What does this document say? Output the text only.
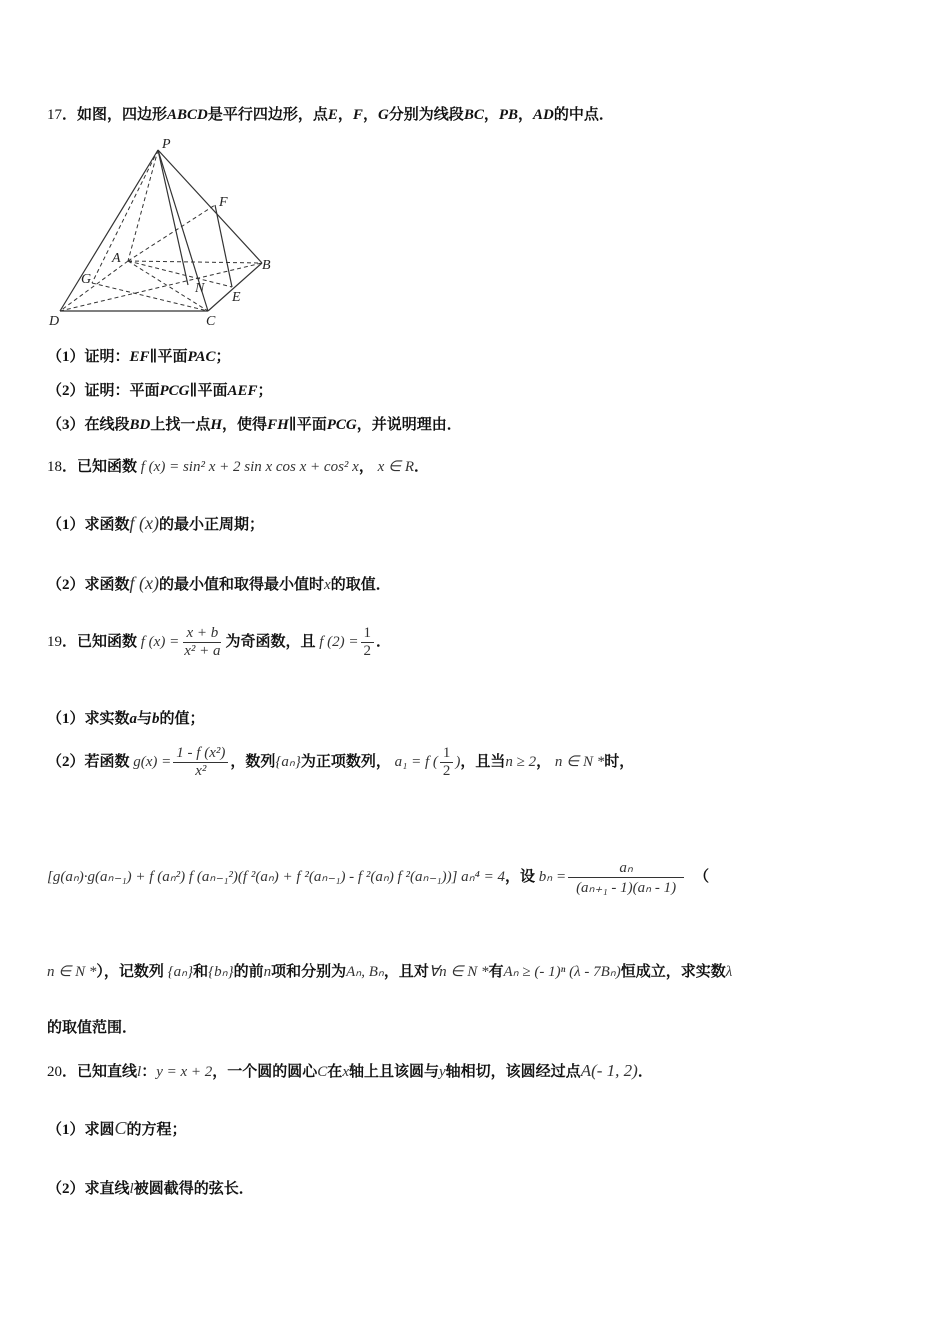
17．如图，四边形ABCD是平行四边形，点E，F，G分别为线段BC，PB，AD的中点．
P
F
A	B
G
N
E
D	C
（1）证明：EF∥平面PAC；
（2）证明：平面PCG∥平面AEF；
（3）在线段BD上找一点H，使得FH∥平面PCG，并说明理由．
18．已知函数 f (x) = sin² x + 2 sin x cos x + cos² x， x ∈ R．
（1）求函数f (x)的最小正周期；
（2）求函数f (x)的最小值和取得最小值时x的取值．
19．已知函数 f $(x) = \frac{x + b}{\text{x² + a}}$ 为奇函数，且 f $(2) = \frac{1}{2}$ ．
（1）求实数a与b的值；
（2）若函数 $g(x) = \frac{\text{1 - f (x²)}}{\text{x²}}$ ，数列{aₙ}为正项数列， a₁ = f ( $\frac{1}{2}$ )，且当n ≥ 2， n ∈ N *时，
[g(aₙ)·g(aₙ₋₁) + f (aₙ²) f (aₙ₋₁²)(f ²(aₙ) + f ²(aₙ₋₁) - f ²(aₙ) f ²(aₙ₋₁))] aₙ⁴ = 4，设 $b_n = \frac{\text{aₙ}}{\text{(aₙ₊₁ - 1)(aₙ - 1)}}$ （
n ∈ N *），记数列 {aₙ}和{bₙ}的前n项和分别为Aₙ, Bₙ，且对∀n ∈ N *有Aₙ ≥ (- 1)ⁿ (λ - 7Bₙ)恒成立，求实数λ
的取值范围．
20．已知直线l：y = x + 2，一个圆的圆心C在x轴上且该圆与y轴相切，该圆经过点A(- 1, 2)．
（1）求圆C的方程；
（2）求直线l被圆截得的弦长．
